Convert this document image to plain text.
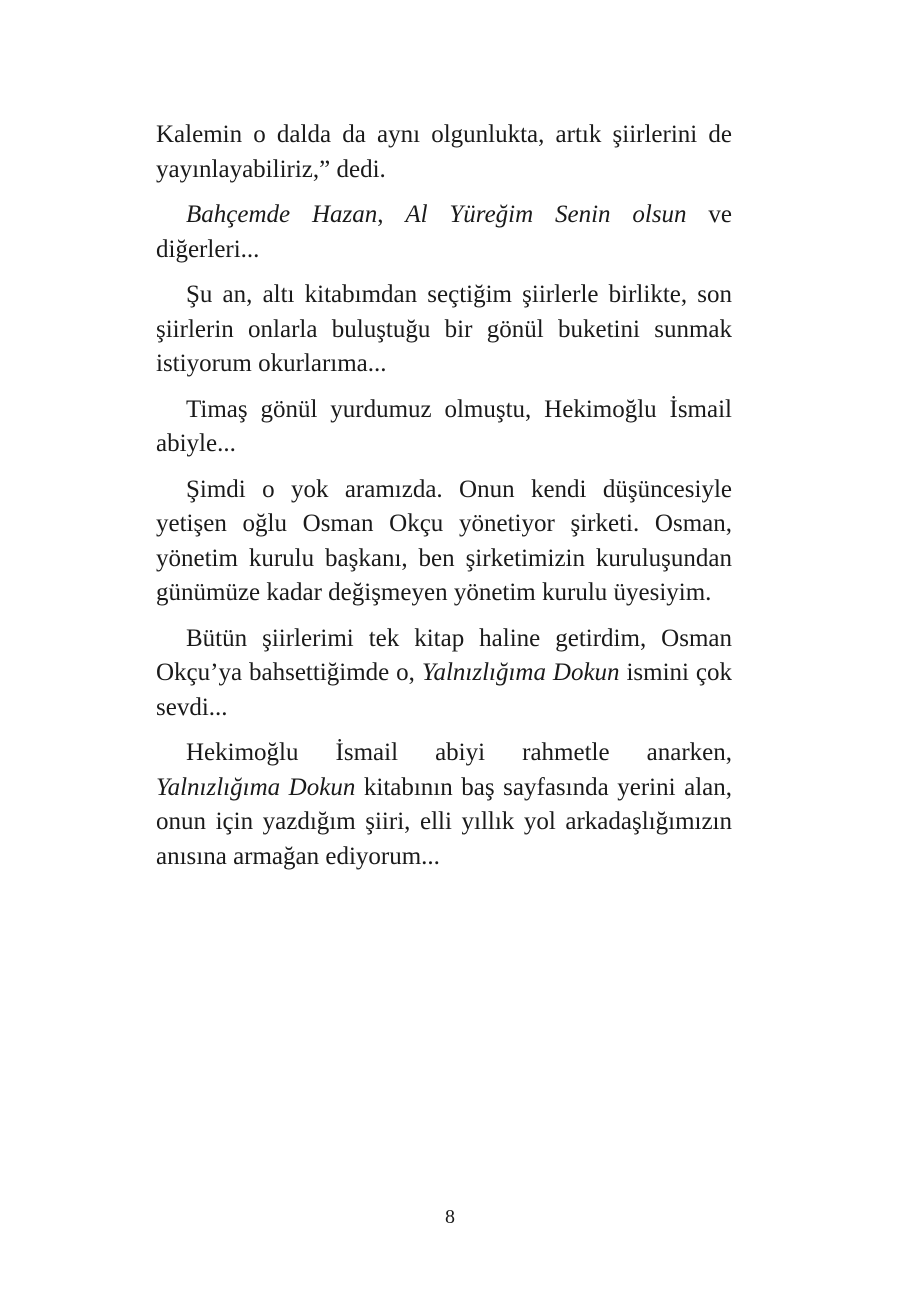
Kalemin o dalda da aynı olgunlukta, artık şiirlerini de yayınlayabiliriz,” dedi.

Bahçemde Hazan, Al Yüreğim Senin olsun ve diğerleri...

Şu an, altı kitabımdan seçtiğim şiirlerle birlikte, son şiirlerin onlarla buluştuğu bir gönül buketini sunmak istiyorum okurlarıma...

Timaş gönül yurdumuz olmuştu, Hekimoğlu İsmail abiyle...

Şimdi o yok aramızda. Onun kendi düşüncesiyle yetişen oğlu Osman Okçu yönetiyor şirketi. Osman, yönetim kurulu başkanı, ben şirketimizin kuruluşundan günümüze kadar değişmeyen yönetim kurulu üyesiyim.

Bütün şiirlerimi tek kitap haline getirdim, Osman Okçu’ya bahsettiğimde o, Yalnızlığıma Dokun ismini çok sevdi...

Hekimoğlu İsmail abiyi rahmetle anarken, Yalnızlığıma Dokun kitabının baş sayfasında yerini alan, onun için yazdığım şiiri, elli yıllık yol arkadaşlığımızın anısına armağan ediyorum...

8
